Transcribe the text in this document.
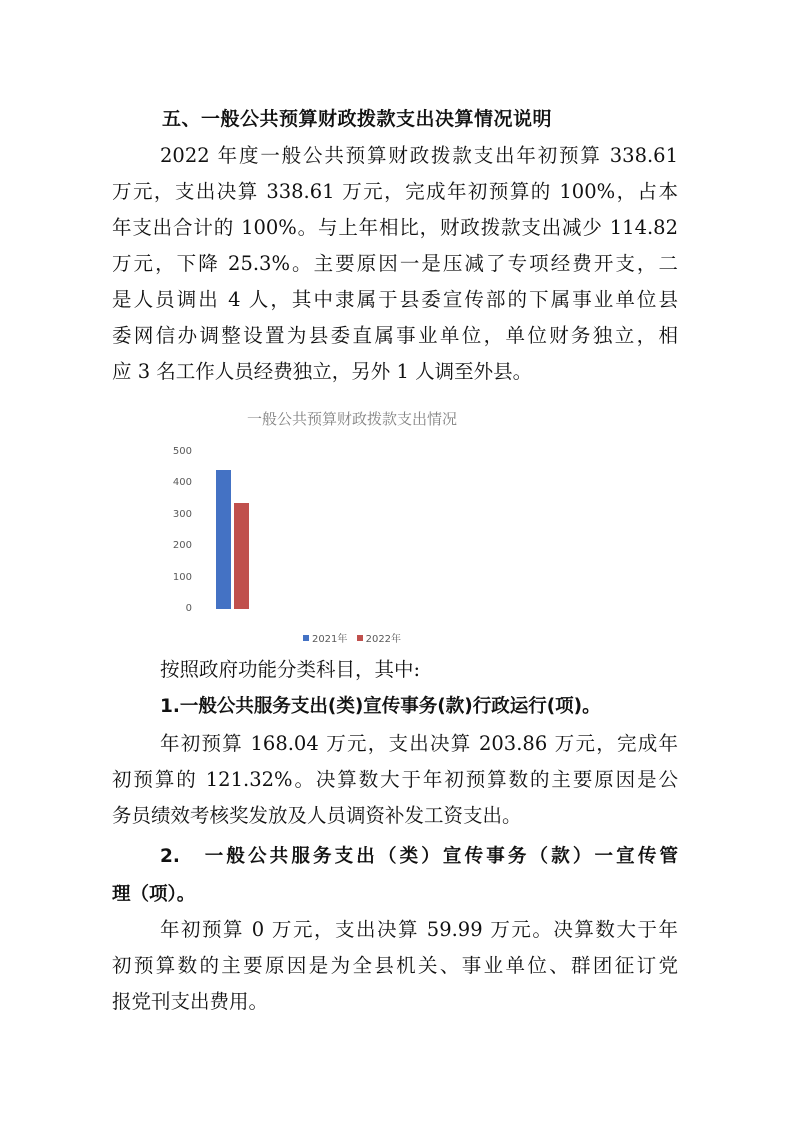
五、一般公共预算财政拨款支出决算情况说明
2022 年度一般公共预算财政拨款支出年初预算 338.61
万元，支出决算 338.61 万元，完成年初预算的 100%，占本
年支出合计的 100%。与上年相比，财政拨款支出减少 114.82
万元，下降 25.3%。主要原因一是压减了专项经费开支，二
是人员调出 4 人，其中隶属于县委宣传部的下属事业单位县
委网信办调整设置为县委直属事业单位，单位财务独立，相
应 3 名工作人员经费独立，另外 1 人调至外县。
一般公共预算财政拨款支出情况
0
100
200
300
400
500
2021年
2022年
按照政府功能分类科目，其中:
1.一般公共服务支出(类)宣传事务(款)行政运行(项)。
年初预算 168.04 万元，支出决算 203.86 万元，完成年
初预算的 121.32%。决算数大于年初预算数的主要原因是公
务员绩效考核奖发放及人员调资补发工资支出。
2.　一般公共服务支出（类）宣传事务（款）一宣传管
理（项）。
年初预算 0 万元，支出决算 59.99 万元。决算数大于年
初预算数的主要原因是为全县机关、事业单位、群团征订党
报党刊支出费用。
